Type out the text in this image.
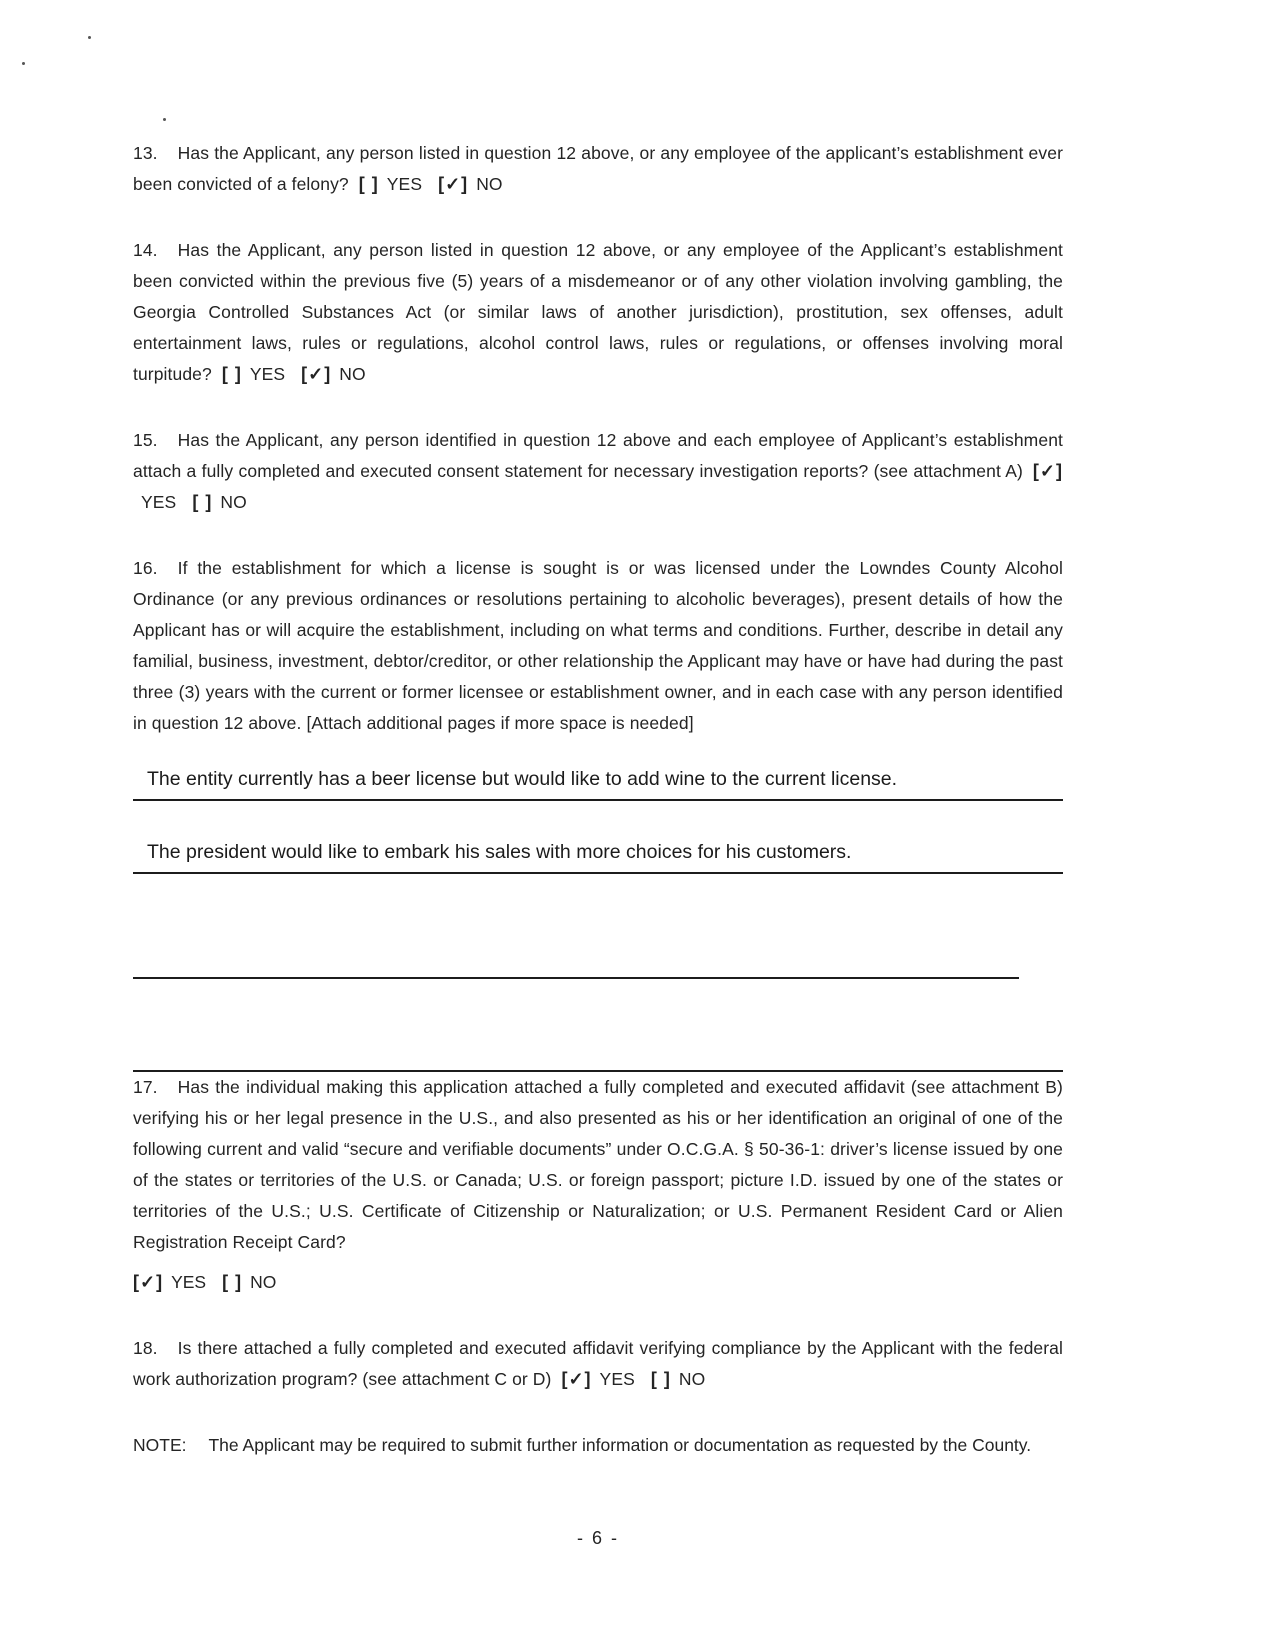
13. Has the Applicant, any person listed in question 12 above, or any employee of the applicant’s establishment ever been convicted of a felony? [ ] YES [✓] NO

14. Has the Applicant, any person listed in question 12 above, or any employee of the Applicant’s establishment been convicted within the previous five (5) years of a misdemeanor or of any other violation involving gambling, the Georgia Controlled Substances Act (or similar laws of another jurisdiction), prostitution, sex offenses, adult entertainment laws, rules or regulations, alcohol control laws, rules or regulations, or offenses involving moral turpitude? [ ] YES [✓] NO

15. Has the Applicant, any person identified in question 12 above and each employee of Applicant’s establishment attach a fully completed and executed consent statement for necessary investigation reports? (see attachment A) [✓]YES [ ] NO

16. If the establishment for which a license is sought is or was licensed under the Lowndes County Alcohol Ordinance (or any previous ordinances or resolutions pertaining to alcoholic beverages), present details of how the Applicant has or will acquire the establishment, including on what terms and conditions. Further, describe in detail any familial, business, investment, debtor/creditor, or other relationship the Applicant may have or have had during the past three (3) years with the current or former licensee or establishment owner, and in each case with any person identified in question 12 above. [Attach additional pages if more space is needed]

The entity currently has a beer license but would like to add wine to the current license.
The president would like to embark his sales with more choices for his customers.

17. Has the individual making this application attached a fully completed and executed affidavit (see attachment B) verifying his or her legal presence in the U.S., and also presented as his or her identification an original of one of the following current and valid “secure and verifiable documents” under O.C.G.A. § 50-36-1: driver’s license issued by one of the states or territories of the U.S. or Canada; U.S. or foreign passport; picture I.D. issued by one of the states or territories of the U.S.; U.S. Certificate of Citizenship or Naturalization; or U.S. Permanent Resident Card or Alien Registration Receipt Card?

[✓] YES [ ] NO

18. Is there attached a fully completed and executed affidavit verifying compliance by the Applicant with the federal work authorization program? (see attachment C or D) [✓] YES [ ] NO

NOTE: The Applicant may be required to submit further information or documentation as requested by the County.

- 6 -
